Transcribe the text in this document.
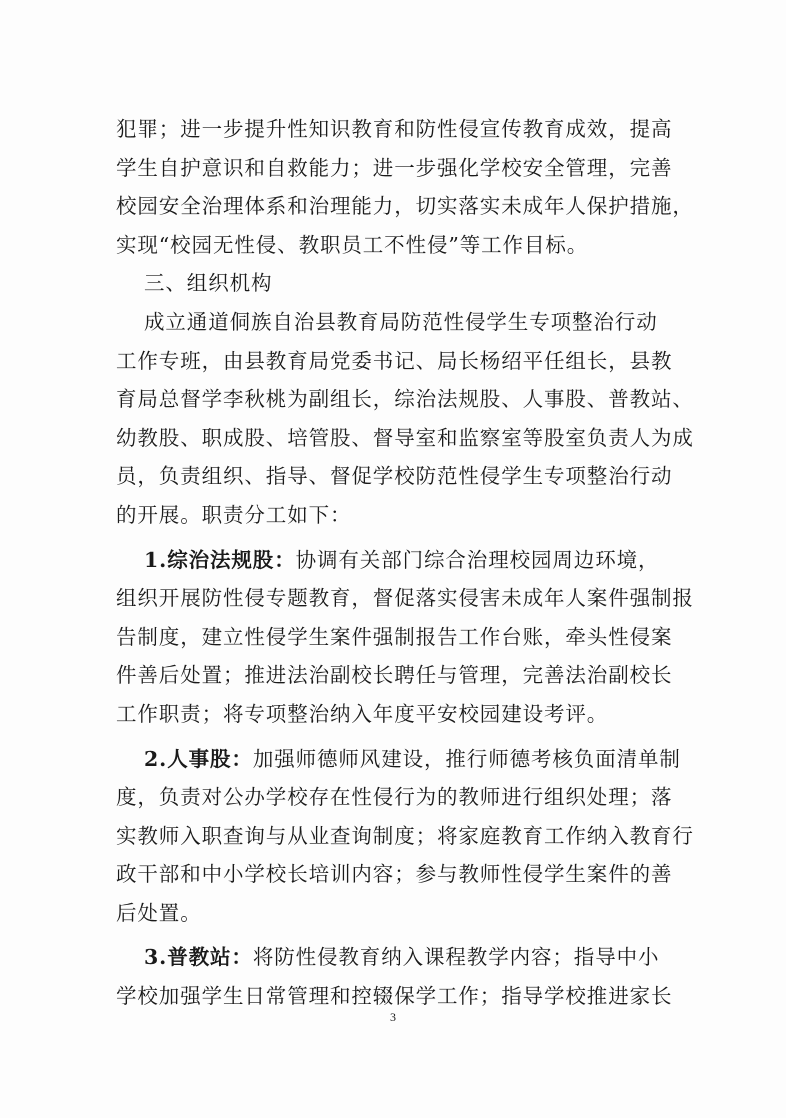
犯罪；进一步提升性知识教育和防性侵宣传教育成效，提高
学生自护意识和自救能力；进一步强化学校安全管理，完善
校园安全治理体系和治理能力，切实落实未成年人保护措施，
实现“校园无性侵、教职员工不性侵”等工作目标。
三、组织机构
成立通道侗族自治县教育局防范性侵学生专项整治行动
工作专班，由县教育局党委书记、局长杨绍平任组长，县教
育局总督学李秋桃为副组长，综治法规股、人事股、普教站、
幼教股、职成股、培管股、督导室和监察室等股室负责人为成
员，负责组织、指导、督促学校防范性侵学生专项整治行动
的开展。职责分工如下：
1.综治法规股：协调有关部门综合治理校园周边环境，
组织开展防性侵专题教育，督促落实侵害未成年人案件强制报
告制度，建立性侵学生案件强制报告工作台账，牵头性侵案
件善后处置；推进法治副校长聘任与管理，完善法治副校长
工作职责；将专项整治纳入年度平安校园建设考评。
2.人事股：加强师德师风建设，推行师德考核负面清单制
度，负责对公办学校存在性侵行为的教师进行组织处理；落
实教师入职查询与从业查询制度；将家庭教育工作纳入教育行
政干部和中小学校长培训内容；参与教师性侵学生案件的善
后处置。
3.普教站：将防性侵教育纳入课程教学内容；指导中小
学校加强学生日常管理和控辍保学工作；指导学校推进家长
3
